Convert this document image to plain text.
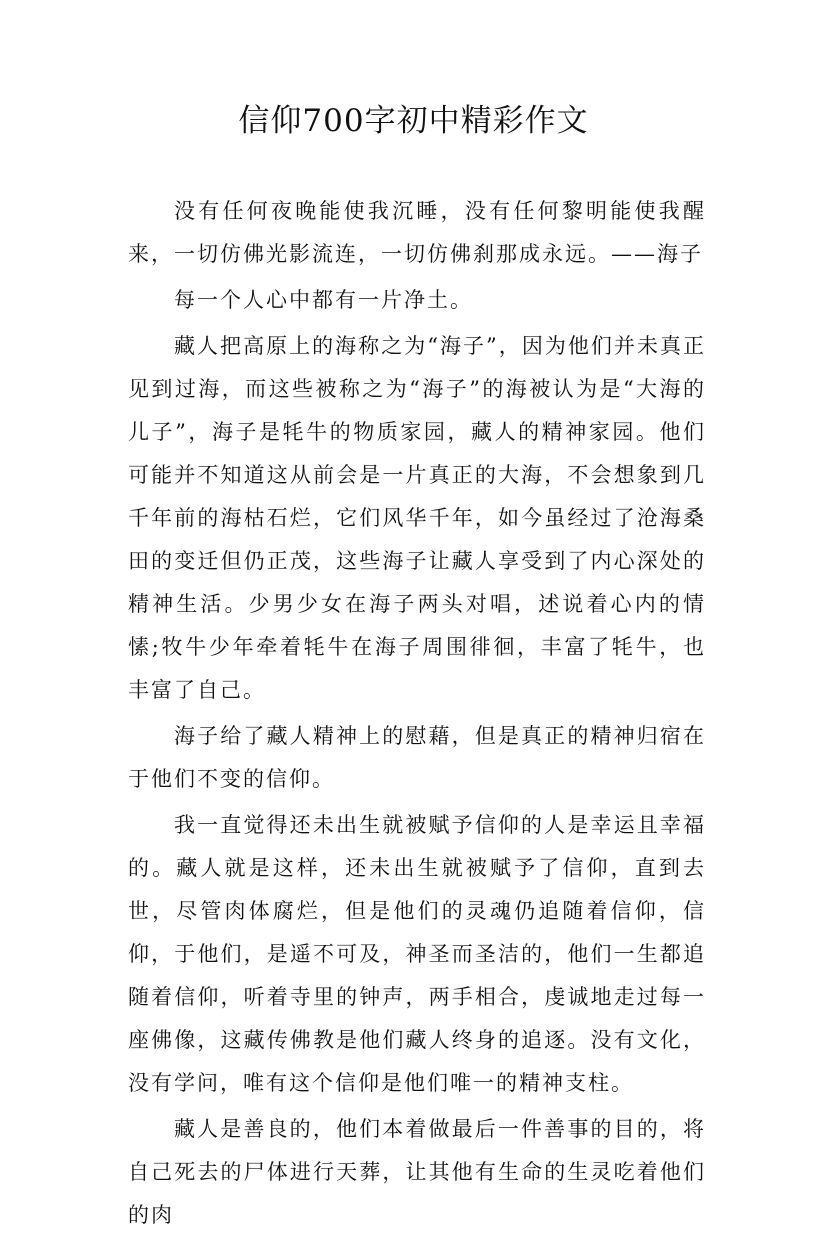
信仰700字初中精彩作文

没有任何夜晚能使我沉睡，没有任何黎明能使我醒来，一切仿佛光影流连，一切仿佛刹那成永远。——海子

每一个人心中都有一片净土。

藏人把高原上的海称之为“海子”，因为他们并未真正见到过海，而这些被称之为“海子”的海被认为是“大海的儿子”，海子是牦牛的物质家园，藏人的精神家园。他们可能并不知道这从前会是一片真正的大海，不会想象到几千年前的海枯石烂，它们风华千年，如今虽经过了沧海桑田的变迁但仍正茂，这些海子让藏人享受到了内心深处的精神生活。少男少女在海子两头对唱，述说着心内的情愫;牧牛少年牵着牦牛在海子周围徘徊，丰富了牦牛，也丰富了自己。

海子给了藏人精神上的慰藉，但是真正的精神归宿在于他们不变的信仰。

我一直觉得还未出生就被赋予信仰的人是幸运且幸福的。藏人就是这样，还未出生就被赋予了信仰，直到去世，尽管肉体腐烂，但是他们的灵魂仍追随着信仰，信仰，于他们，是遥不可及，神圣而圣洁的，他们一生都追随着信仰，听着寺里的钟声，两手相合，虔诚地走过每一座佛像，这藏传佛教是他们藏人终身的追逐。没有文化，没有学问，唯有这个信仰是他们唯一的精神支柱。

藏人是善良的，他们本着做最后一件善事的目的，将自己死去的尸体进行天葬，让其他有生命的生灵吃着他们的肉
